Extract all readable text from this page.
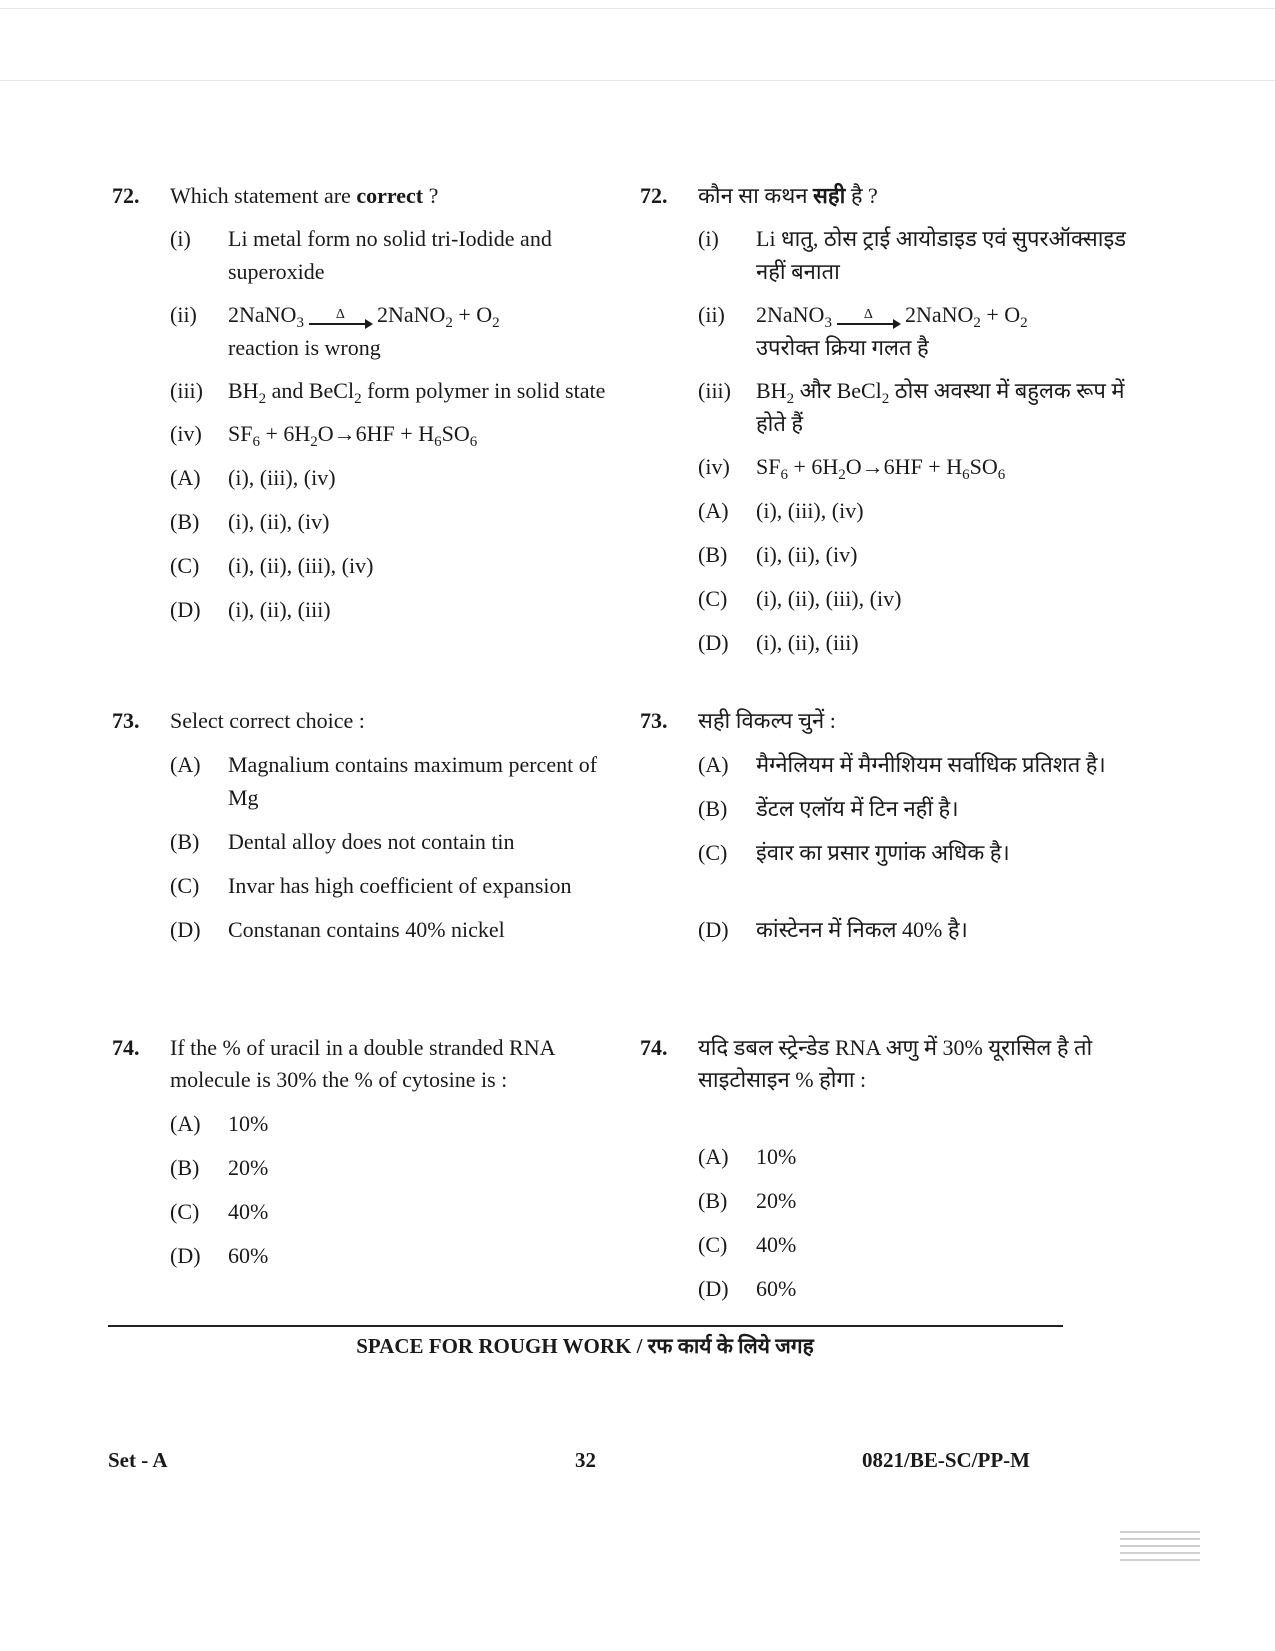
72.	Which statement are correct ?
(i)	Li metal form no solid tri-Iodide and superoxide
(ii)	2NaNO$_3$
Δ	2NaNO$_2$ + $O_2$
reaction is wrong
(iii)	$BH_2$ and BeCl$_2$ form polymer in solid state
(iv)	$SF_6 + 6H_2O\to 6HF + H_6SO_6$
(A)	(i), (iii), (iv)
(B)	(i), (ii), (iv)
(C)	(i), (ii), (iii), (iv)
(D)	(i), (ii), (iii)
73.	Select correct choice :
(A)	Magnalium contains maximum percent of Mg
(B)	Dental alloy does not contain tin
(C)	Invar has high coefficient of expansion
(D)	Constanan contains 40% nickel
74.	If the % of uracil in a double stranded RNA molecule is 30% the % of cytosine is :
(A)	10%
(B)	20%
(C)	40%
(D)	60%
72.	कौन सा कथन सही है ?
(i)	Li धातु, ठोस ट्राई आयोडाइड एवं सुपरऑक्साइड नहीं बनाता
(ii)	2NaNO$_3$
Δ	2NaNO$_2$ + $O_2$
उपरोक्त क्रिया गलत है
(iii)	$BH_2$ और BeCl$_2$ ठोस अवस्था में बहुलक रूप में होते हैं
(iv)	$SF_6 + 6H_2O\to 6HF + H_6SO_6$
(A)	(i), (iii), (iv)
(B)	(i), (ii), (iv)
(C)	(i), (ii), (iii), (iv)
(D)	(i), (ii), (iii)
73.	सही विकल्प चुनें :
(A)	मैग्नेलियम में मैग्नीशियम सर्वाधिक प्रतिशत है।
(B)	डेंटल एलॉय में टिन नहीं है।
(C)	इंवार का प्रसार गुणांक अधिक है।
(D)	कांस्टेनन में निकल 40% है।
74.	यदि डबल स्ट्रेन्डेड RNA अणु में 30% यूरासिल है तो साइटोसाइन % होगा :
(A)	10%
(B)	20%
(C)	40%
(D)	60%
SPACE FOR ROUGH WORK / रफ कार्य के लिये जगह
Set - A	32	0821/BE-SC/PP-M
